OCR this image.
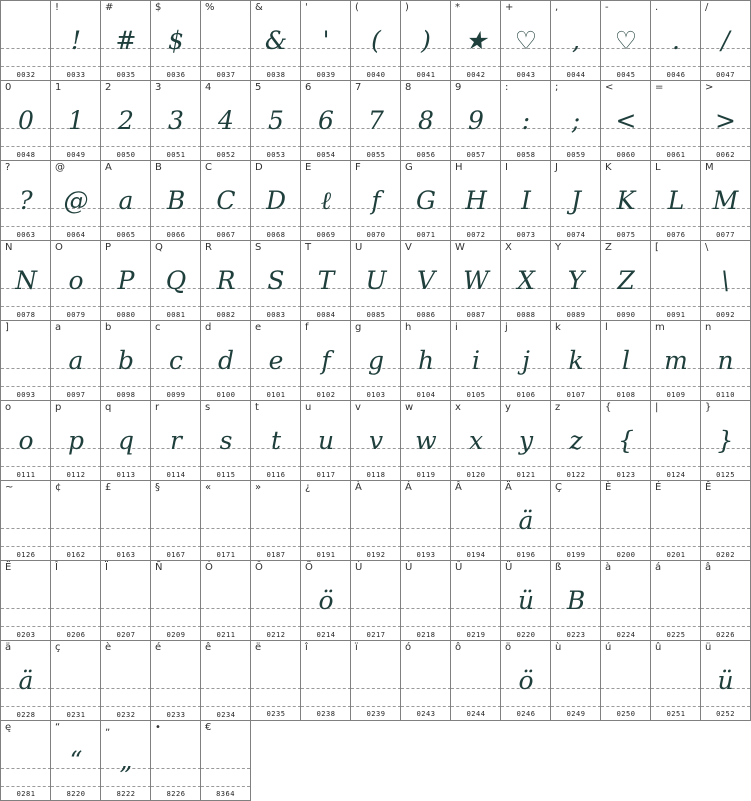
0032
!
!
0033
#
#
0035
$
$
0036
%
0037
&
&
0038
'
'
0039
(
(
0040
)
)
0041
*
★
0042
+
♡
0043
,
,
0044
-
♡
0045
.
.
0046
/
/
0047
0
0
0048
1
1
0049
2
2
0050
3
3
0051
4
4
0052
5
5
0053
6
6
0054
7
7
0055
8
8
0056
9
9
0057
:
:
0058
;
;
0059
<
<
0060
=
0061
>
>
0062
?
?
0063
@
@
0064
A
a
0065
B
B
0066
C
C
0067
D
D
0068
E
ℓ
0069
F
f
0070
G
G
0071
H
H
0072
I
I
0073
J
J
0074
K
K
0075
L
L
0076
M
M
0077
N
N
0078
O
o
0079
P
P
0080
Q
Q
0081
R
R
0082
S
S
0083
T
T
0084
U
U
0085
V
V
0086
W
W
0087
X
X
0088
Y
Y
0089
Z
Z
0090
[
0091
\
\
0092
]
0093
a
a
0097
b
b
0098
c
c
0099
d
d
0100
e
e
0101
f
f
0102
g
g
0103
h
h
0104
i
i
0105
j
j
0106
k
k
0107
l
l
0108
m
m
0109
n
n
0110
o
o
0111
p
p
0112
q
q
0113
r
r
0114
s
s
0115
t
t
0116
u
u
0117
v
v
0118
w
w
0119
x
x
0120
y
y
0121
z
z
0122
{
{
0123
|
0124
}
}
0125
~
0126
¢
0162
£
0163
§
0167
«
0171
»
0187
¿
0191
À
0192
Á
0193
Â
0194
Ä
ä
0196
Ç
0199
È
0200
É
0201
Ê
0202
Ë
0203
Î
0206
Ï
0207
Ñ
0209
Ó
0211
Ô
0212
Ö
ö
0214
Ù
0217
Ú
0218
Û
0219
Ü
ü
0220
ß
B
0223
à
0224
á
0225
â
0226
ä
ä
0228
ç
0231
è
0232
é
0233
ê
0234
ë
0235
î
0238
ï
0239
ó
0243
ô
0244
ö
ö
0246
ù
0249
ú
0250
û
0251
ü
ü
0252
ę
0281
“
“
8220
„
„
8222
•
8226
€
8364
